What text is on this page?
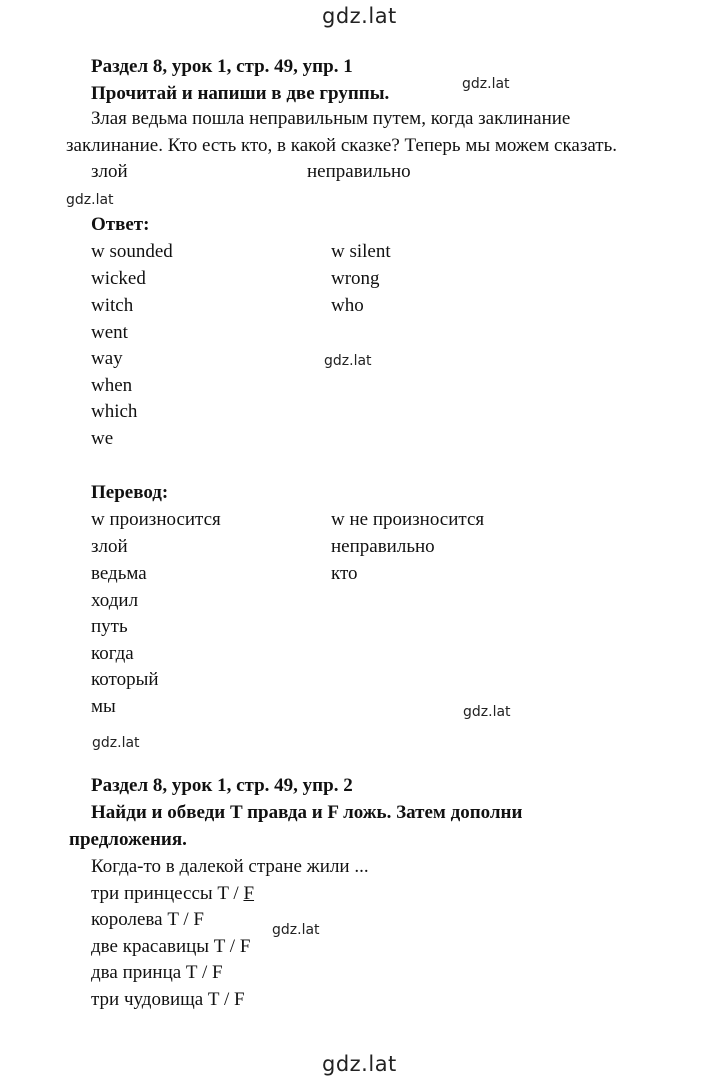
gdz.lat
gdz.lat
gdz.lat
gdz.lat
gdz.lat
gdz.lat
gdz.lat
gdz.lat
Раздел 8, урок 1, стр. 49, упр. 1
Прочитай и напиши в две группы.
Злая ведьма пошла неправильным путем, когда заклинание
заклинание. Кто есть кто, в какой сказке? Теперь мы можем сказать.
злой	неправильно
Ответ:
w sounded
wicked
witch
went
way
when
which
we
w silent
wrong
who
Перевод:
w произносится
злой
ведьма
ходил
путь
когда
который
мы
w не произносится
неправильно
кто
Раздел 8, урок 1, стр. 49, упр. 2
Найди и обведи T правда и F ложь. Затем дополни
предложения.
Когда-то в далекой стране жили ...
три принцессы T / F
королева T / F
две красавицы T / F
два принца T / F
три чудовища T / F
